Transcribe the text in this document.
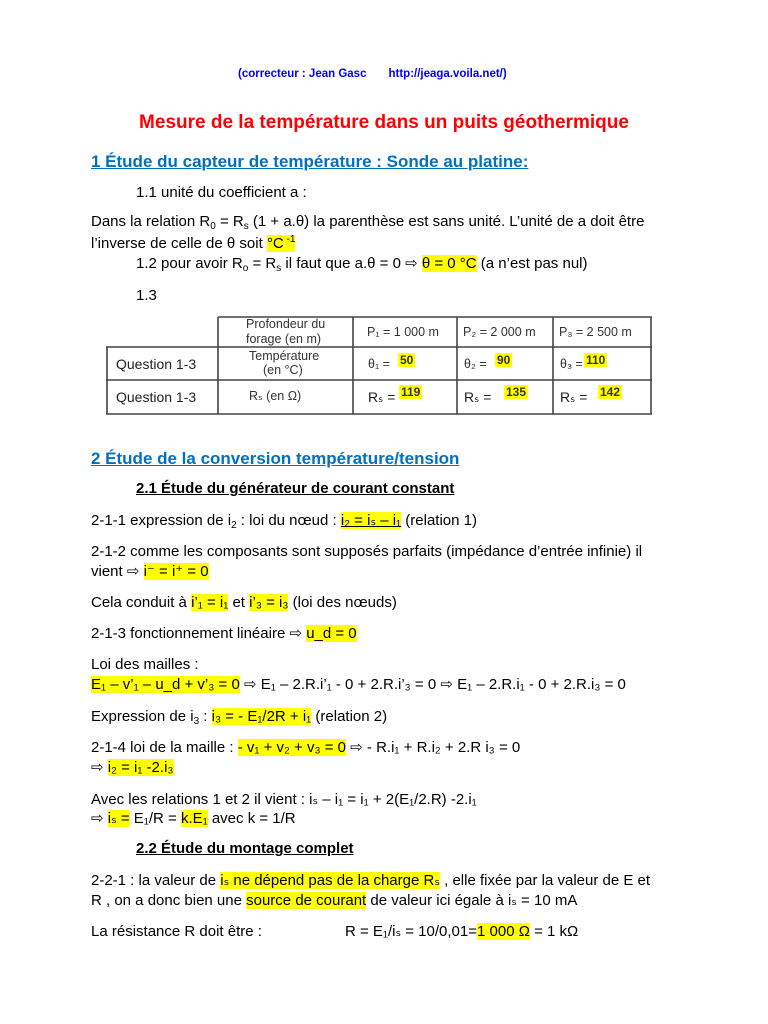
(correcteur : Jean Gasc http://jeaga.voila.net/)
Mesure de la température dans un puits géothermique
1 Étude du capteur de température : Sonde au platine:
1.1 unité du coefficient a :
Dans la relation $R_0 = R_s$ (1 + a.θ) la parenthèse est sans unité. L’unité de a doit être
l’inverse de celle de θ soit °C $^{-1}$
1.2 pour avoir $R_o = R_s$ il faut que a.θ = 0 ⇨ θ = 0 °C (a n’est pas nul)
1.3
Profondeur du
forage (en m)	P₁ = 1 000 m P₂ = 2 000 m P₃ = 2 500 m
Question 1-3	Température
(en °C)	θ₁ = 50	θ₂ = 90	θ₃ = 110
Question 1-3	Rₛ (en Ω)	Rₛ = 119	Rₛ = 135 Rₛ = 142
2 Étude de la conversion température/tension
2.1 Étude du générateur de courant constant
2-1-1 expression de $i_2$ : loi du nœud : i₂ = iₛ – i₁ (relation 1)
2-1-2 comme les composants sont supposés parfaits (impédance d’entrée infinie) il
vient ⇨ i⁻ = i⁺ = 0
Cela conduit à i’₁ = i₁ et i’₃ = i₃ (loi des nœuds)
2-1-3 fonctionnement linéaire ⇨ u_d = 0
Loi des mailles :
E₁ – v’₁ – u_d + v’₃ = 0 ⇨ E₁ – 2.R.i’₁ - 0 + 2.R.i’₃ = 0 ⇨ E₁ – 2.R.i₁ - 0 + 2.R.i₃ = 0
Expression de $i_3$ : i₃ = - E₁/2R + i₁ (relation 2)
2-1-4 loi de la maille : - v₁ + v₂ + v₃ = 0 ⇨ - R.i₁ + R.i₂ + 2.R i₃ = 0
⇨ i₂ = i₁ -2.i₃
Avec les relations 1 et 2 il vient : iₛ – i₁ = i₁ + 2(E₁/2.R) -2.i₁
⇨ iₛ = E₁/R = k.E₁ avec k = 1/R
2.2 Étude du montage complet
2-2-1 : la valeur de iₛ ne dépend pas de la charge Rₛ , elle fixée par la valeur de E et
R , on a donc bien une source de courant de valeur ici égale à iₛ = 10 mA
La résistance R doit être :	R = E₁/iₛ = 10/0,01=1 000 Ω = 1 kΩ
